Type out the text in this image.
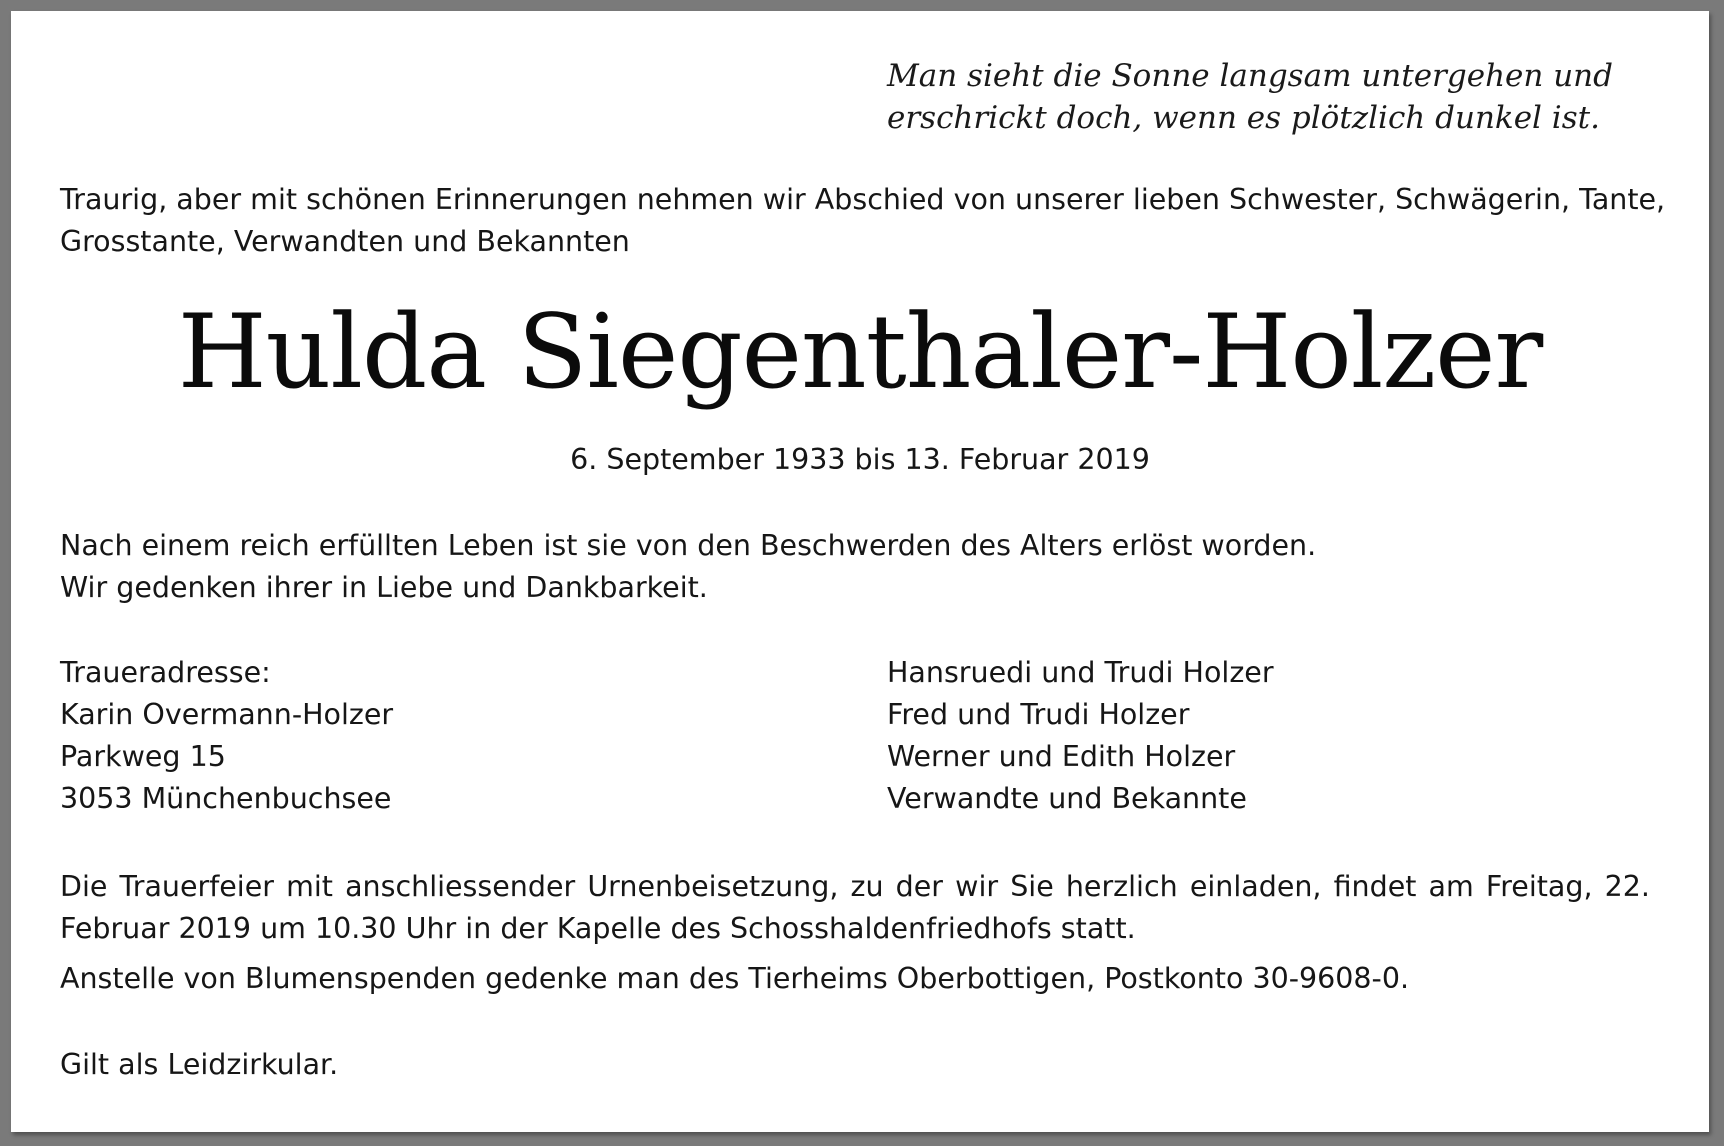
Man sieht die Sonne langsam untergehen und
erschrickt doch, wenn es plötzlich dunkel ist.
Traurig, aber mit schönen Erinnerungen nehmen wir Abschied von unserer lieben Schwester, Schwägerin, Tante,
Grosstante, Verwandten und Bekannten
Hulda Siegenthaler-Holzer
6. September 1933 bis 13. Februar 2019
Nach einem reich erfüllten Leben ist sie von den Beschwerden des Alters erlöst worden.
Wir gedenken ihrer in Liebe und Dankbarkeit.
Traueradresse:
Karin Overmann-Holzer
Parkweg 15
3053 Münchenbuchsee
Hansruedi und Trudi Holzer
Fred und Trudi Holzer
Werner und Edith Holzer
Verwandte und Bekannte
Die Trauerfeier mit anschliessender Urnenbeisetzung, zu der wir Sie herzlich einladen, findet am Freitag, 22. Februar 2019 um 10.30 Uhr in der Kapelle des Schosshaldenfriedhofs statt.
Anstelle von Blumenspenden gedenke man des Tierheims Oberbottigen, Postkonto 30-9608-0.
Gilt als Leidzirkular.
